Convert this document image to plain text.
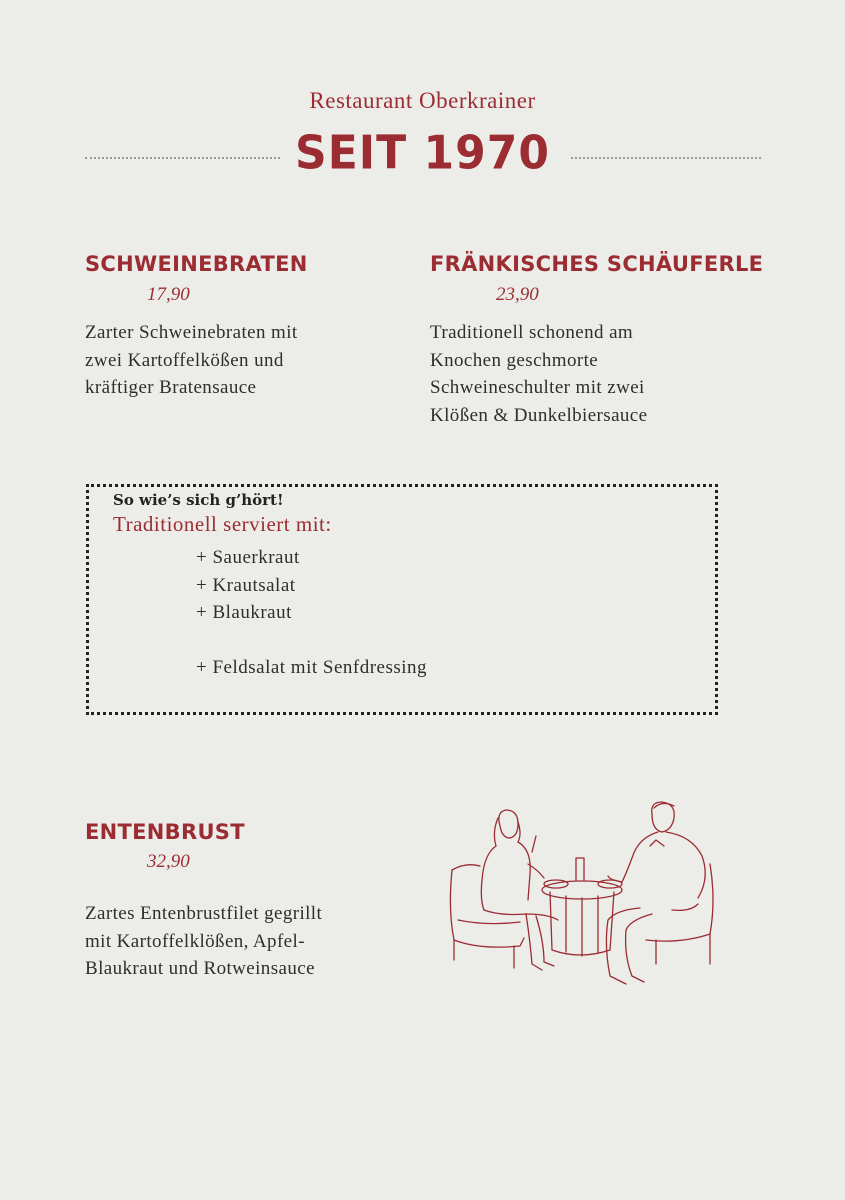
Restaurant Oberkrainer
SEIT 1970
SCHWEINEBRATEN
17,90
Zarter Schweinebraten mit
zwei Kartoffelkößen und
kräftiger Bratensauce
FRÄNKISCHES SCHÄUFERLE
23,90
Traditionell schonend am
Knochen geschmorte
Schweineschulter mit zwei
Klößen & Dunkelbiersauce
So wie’s sich g’hört!
Traditionell serviert mit:
+ Sauerkraut
+ Krautsalat
+ Blaukraut
+ Feldsalat mit Senfdressing
ENTENBRUST
32,90
Zartes Entenbrustfilet gegrillt
mit Kartoffelklößen, Apfel-
Blaukraut und Rotweinsauce
